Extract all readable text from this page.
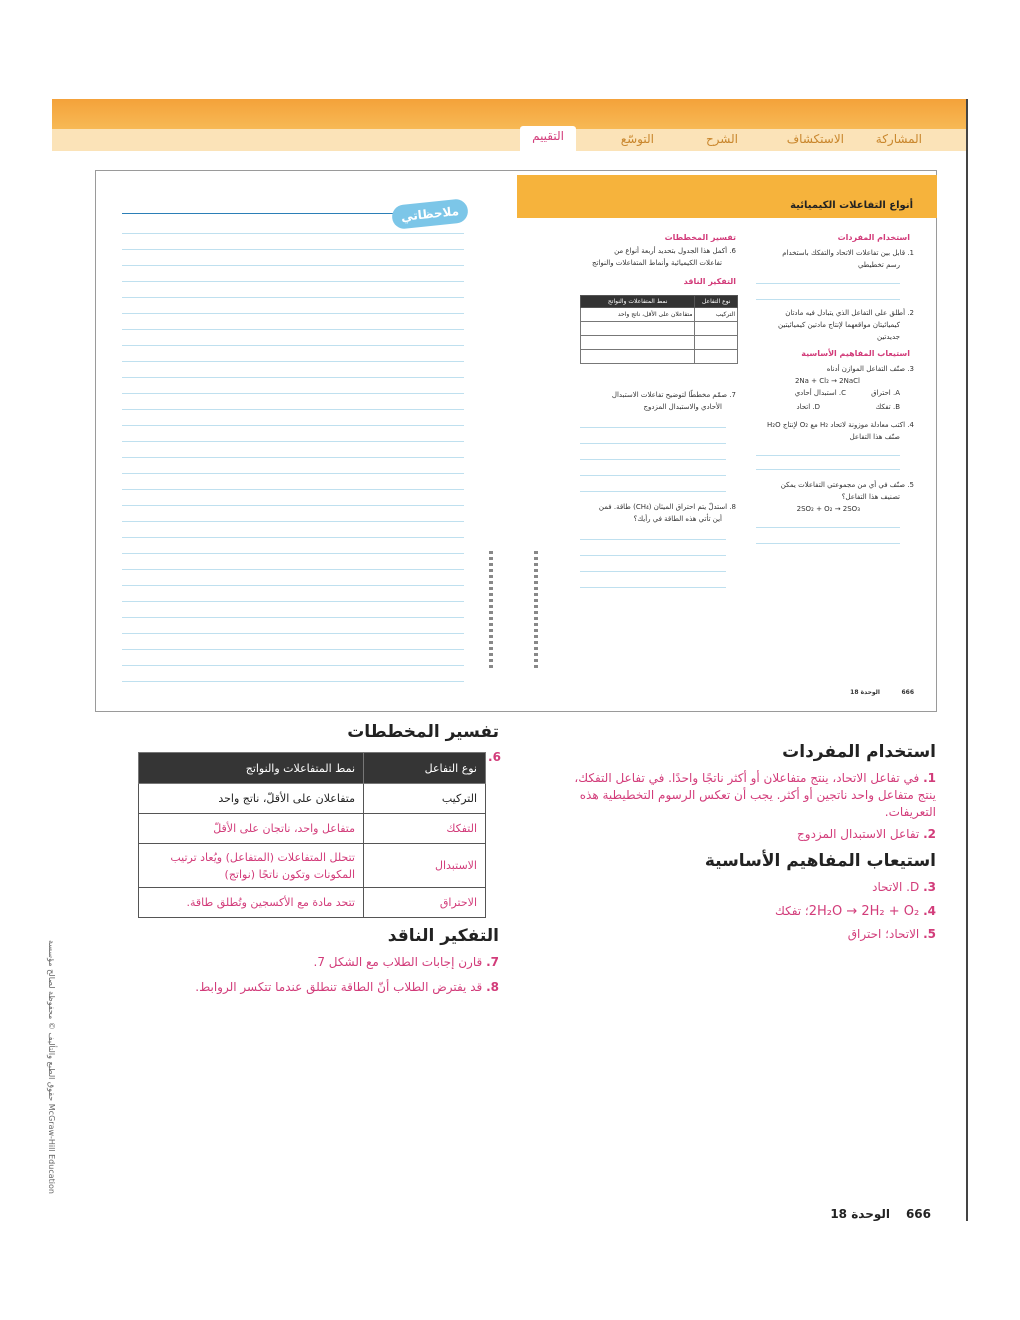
المشاركة
الاستكشاف
الشرح
التوسّع
التقييم
أنواع التفاعلات الكيميائية
ملاحظاتي
استخدام المفردات
1. قابل بين تفاعلات الاتحاد والتفكك باستخدام
رسم تخطيطي
2. أطلق على التفاعل الذي يتبادل فيه مادتان
كيميائيتان مواقعهما لإنتاج مادتين كيميائيتين
جديدتين
استيعاب المفاهيم الأساسية
3. صنّف التفاعل الموازن أدناه
2Na + Cl₂ → 2NaCl
A. احتراق
C. استبدال أحادي
B. تفكك
D. اتحاد
4. اكتب معادلة موزونة لاتحاد H₂ مع O₂ لإنتاج H₂O
صنّف هذا التفاعل
5. صنّف في أي من مجموعتي التفاعلات يمكن
تصنيف هذا التفاعل؟
2SO₂ + O₂ → 2SO₃
تفسير المخططات
6. أكمل هذا الجدول بتحديد أربعة أنواع من
تفاعلات الكيميائية وأنماط المتفاعلات والنواتج
التفكير الناقد
نوع التفاعل	نمط المتفاعلات والنواتج
التركيب	متفاعلان على الأقل، ناتج واحد

7. صمّم مخططًا لتوضيح تفاعلات الاستبدال
الأحادي والاستبدال المزدوج
8. استدلّ يتم احتراق الميثان (CH₄) طاقة. فمن
أين تأتي هذه الطاقة في رأيك؟
الوحدة 18	666
استخدام المفردات
1. في تفاعل الاتحاد، ينتج متفاعلان أو أكثر ناتجًا واحدًا. في تفاعل التفكك،
ينتج متفاعل واحد ناتجين أو أكثر. يجب أن تعكس الرسوم التخطيطية هذه
التعريفات.
2. تفاعل الاستبدال المزدوج
استيعاب المفاهيم الأساسية
3. D. الاتحاد
4. 2H₂O → 2H₂ + O₂؛ تفكك
5. الاتحاد؛ احتراق
تفسير المخططات
6.
نوع التفاعل	نمط المتفاعلات والنواتج
التركيب	متفاعلان على الأقلّ، ناتج واحد
التفكك	متفاعل واحد، ناتجان على الأقلّ
الاستبدال	تتحلل المتفاعلات (المتفاعل) ويُعاد ترتيب المكونات وتكون ناتجًا (نواتج)
الاحتراق	تتحد مادة مع الأكسجين وتُطلق طاقة.
التفكير الناقد
7. قارن إجابات الطلاب مع الشكل 7.
8. قد يفترض الطلاب أنّ الطاقة تنطلق عندما تتكسر الروابط.
McGraw-Hill Education حقوق الطبع والتأليف © محفوظة لصالح مؤسسة
666
الوحدة 18
